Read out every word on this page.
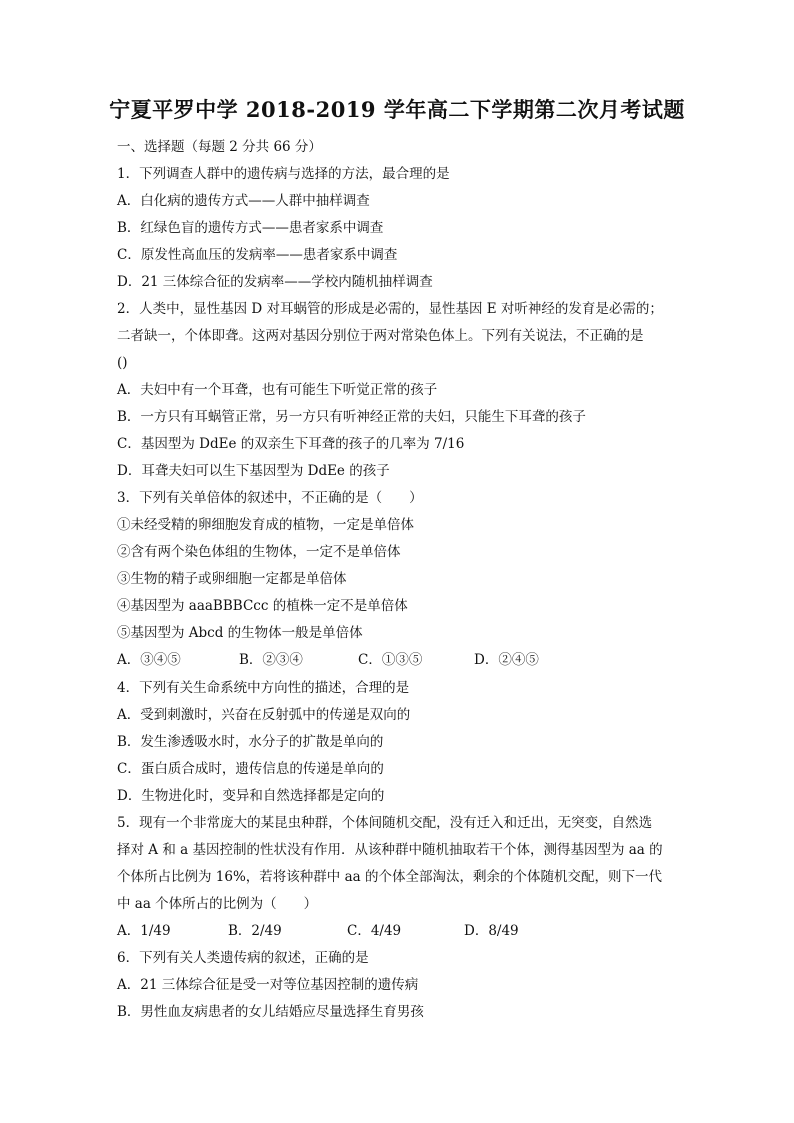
宁夏平罗中学 2018-2019 学年高二下学期第二次月考试题
一、选择题（每题 2 分共 66 分）
1．下列调查人群中的遗传病与选择的方法，最合理的是
A．白化病的遗传方式——人群中抽样调查
B．红绿色盲的遗传方式——患者家系中调查
C．原发性高血压的发病率——患者家系中调查
D．21 三体综合征的发病率——学校内随机抽样调查
2．人类中，显性基因 D 对耳蜗管的形成是必需的，显性基因 E 对听神经的发育是必需的；
二者缺一，个体即聋。这两对基因分别位于两对常染色体上。下列有关说法，不正确的是
()
A．夫妇中有一个耳聋，也有可能生下听觉正常的孩子
B．一方只有耳蜗管正常，另一方只有听神经正常的夫妇，只能生下耳聋的孩子
C．基因型为 DdEe 的双亲生下耳聋的孩子的几率为 7/16
D．耳聋夫妇可以生下基因型为 DdEe 的孩子
3．下列有关单倍体的叙述中，不正确的是（　　）
①未经受精的卵细胞发育成的植物，一定是单倍体
②含有两个染色体组的生物体，一定不是单倍体
③生物的精子或卵细胞一定都是单倍体
④基因型为 aaaBBBCcc 的植株一定不是单倍体
⑤基因型为 Abcd 的生物体一般是单倍体
A．③④⑤	B．②③④	C．①③⑤	D．②④⑤
4．下列有关生命系统中方向性的描述，合理的是
A．受到刺激时，兴奋在反射弧中的传递是双向的
B．发生渗透吸水时，水分子的扩散是单向的
C．蛋白质合成时，遗传信息的传递是单向的
D．生物进化时，变异和自然选择都是定向的
5．现有一个非常庞大的某昆虫种群，个体间随机交配，没有迁入和迁出，无突变，自然选
择对 A 和 a 基因控制的性状没有作用．从该种群中随机抽取若干个体，测得基因型为 aa 的
个体所占比例为 16%，若将该种群中 aa 的个体全部淘汰，剩余的个体随机交配，则下一代
中 aa 个体所占的比例为（　　）
A．1/49	B．2/49	C．4/49	D．8/49
6．下列有关人类遗传病的叙述，正确的是
A．21 三体综合征是受一对等位基因控制的遗传病
B．男性血友病患者的女儿结婚应尽量选择生育男孩
